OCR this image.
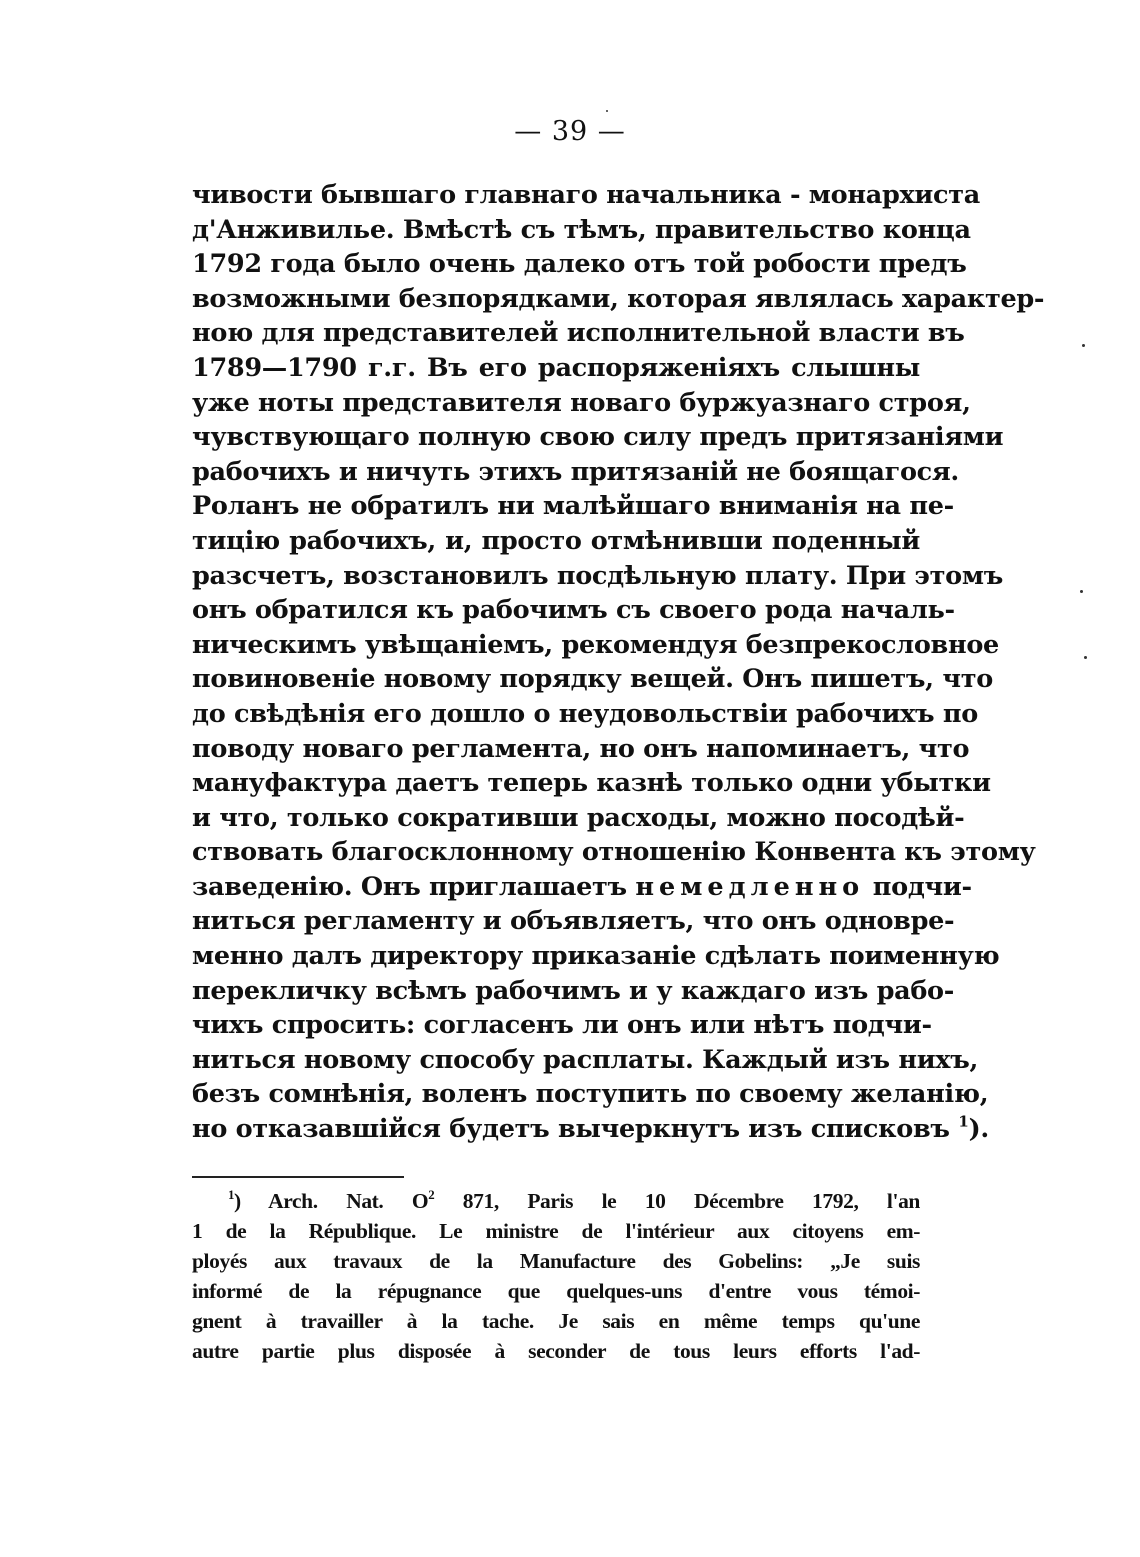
— 39 —
чивости бывшаго главнаго начальника - монархиста
д'Анживилье. Вмѣстѣ съ тѣмъ, правительство конца
1792 года было очень далеко отъ той робости предъ
возможными безпорядками, которая являлась характер-
ною для представителей исполнительной власти въ
1789—1790 г.г. Въ его распоряженіяхъ слышны
уже ноты представителя новаго буржуазнаго строя,
чувствующаго полную свою силу предъ притязаніями
рабочихъ и ничуть этихъ притязаній не боящагося.
Роланъ не обратилъ ни малѣйшаго вниманія на пе-
тицію рабочихъ, и, просто отмѣнивши поденный
разсчетъ, возстановилъ посдѣльную плату. При этомъ
онъ обратился къ рабочимъ съ своего рода началь-
ническимъ увѣщаніемъ, рекомендуя безпрекословное
повиновеніе новому порядку вещей. Онъ пишетъ, что
до свѣдѣнія его дошло о неудовольствіи рабочихъ по
поводу новаго регламента, но онъ напоминаетъ, что
мануфактура даетъ теперь казнѣ только одни убытки
и что, только сокративши расходы, можно посодѣй-
ствовать благосклонному отношенію Конвента къ этому
заведенію. Онъ приглашаетъ немедленно подчи-
ниться регламенту и объявляетъ, что онъ одновре-
менно далъ директору приказаніе сдѣлать поименную
перекличку всѣмъ рабочимъ и у каждаго изъ рабо-
чихъ спросить: согласенъ ли онъ или нѣтъ подчи-
ниться новому способу расплаты. Каждый изъ нихъ,
безъ сомнѣнія, воленъ поступить по своему желанію,
но отказавшійся будетъ вычеркнутъ изъ списковъ $^1$).
$^1$) Arch. Nat. $O^2$ 871, Paris le 10 Décembre 1792, l'an
1 de la République. Le ministre de l'intérieur aux citoyens em-
ployés aux travaux de la Manufacture des Gobelins: „Je suis
informé de la répugnance que quelques-uns d'entre vous témoi-
gnent à travailler à la tache. Je sais en même temps qu'une
autre partie plus disposée à seconder de tous leurs efforts l'ad-
